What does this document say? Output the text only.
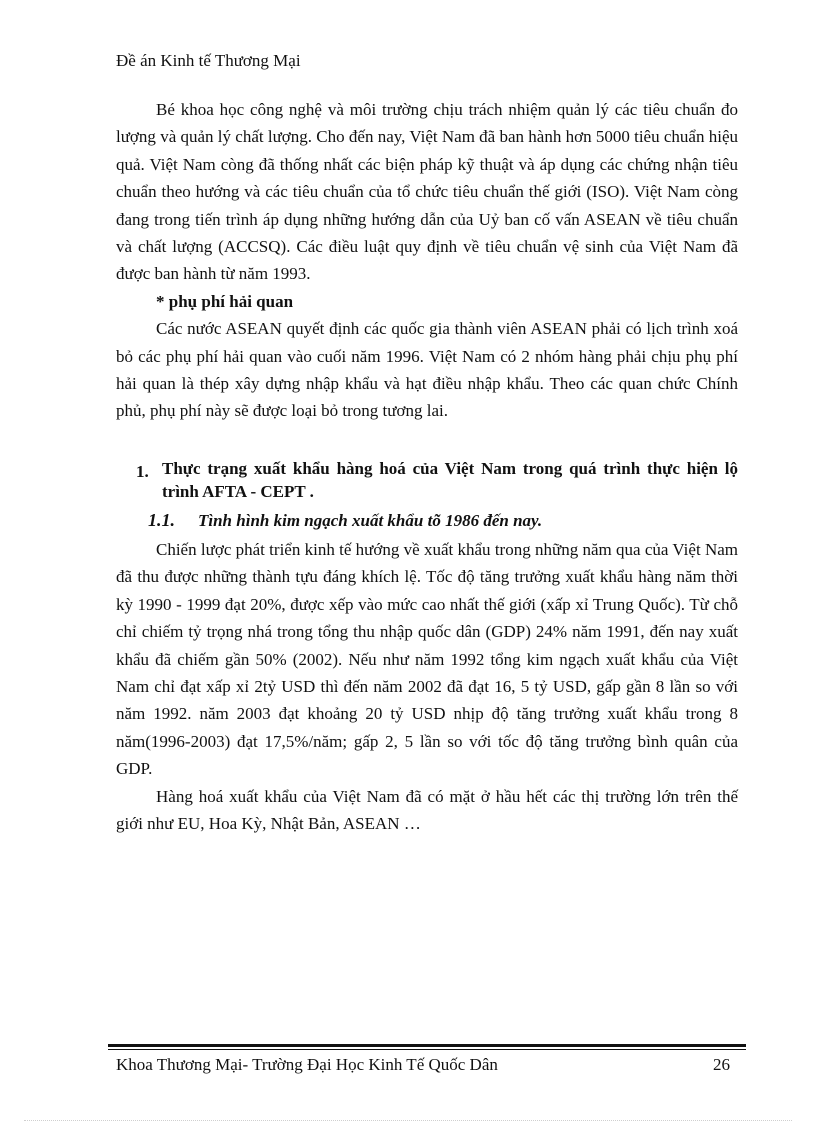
Đề án Kinh tế Thương Mại

Bé khoa học công nghệ và môi trường chịu trách nhiệm quản lý các tiêu chuẩn đo lượng và quản lý chất lượng. Cho đến nay, Việt Nam đã ban hành hơn 5000 tiêu chuẩn hiệu quả. Việt Nam còng đã thống nhất các biện pháp kỹ thuật và áp dụng các chứng nhận tiêu chuẩn theo hướng và các tiêu chuẩn của tổ chức tiêu chuẩn thế giới (ISO). Việt Nam còng đang trong tiến trình áp dụng những hướng dẫn của Uỷ ban cố vấn ASEAN về tiêu chuẩn và chất lượng (ACCSQ). Các điều luật quy định về tiêu chuẩn vệ sinh của Việt Nam đã được ban hành từ năm 1993.

* phụ phí hải quan

Các nước ASEAN quyết định các quốc gia thành viên ASEAN phải có lịch trình xoá bỏ các phụ phí hải quan vào cuối năm 1996. Việt Nam có 2 nhóm hàng phải chịu phụ phí hải quan là thép xây dựng nhập khẩu và hạt điều nhập khẩu. Theo các quan chức Chính phủ, phụ phí này sẽ được loại bỏ trong tương lai.

1. Thực trạng xuất khẩu hàng hoá của Việt Nam trong quá trình thực hiện lộ trình AFTA - CEPT .
1.1.	Tình hình kim ngạch xuất khẩu tõ 1986 đến nay.

Chiến lược phát triển kinh tế hướng về xuất khẩu trong những năm qua của Việt Nam đã thu được những thành tựu đáng khích lệ. Tốc độ tăng trưởng xuất khẩu hàng năm thời kỳ 1990 - 1999 đạt 20%, được xếp vào mức cao nhất thế giới (xấp xỉ Trung Quốc). Từ chỗ chỉ chiếm tỷ trọng nhá trong tổng thu nhập quốc dân (GDP) 24% năm 1991, đến nay xuất khẩu đã chiếm gần 50% (2002). Nếu như năm 1992 tổng kim ngạch xuất khẩu của Việt Nam chỉ đạt xấp xỉ 2tỷ USD thì đến năm 2002 đã đạt 16, 5 tỷ USD, gấp gần 8 lần so với năm 1992. năm 2003 đạt khoảng 20 tỷ USD nhịp độ tăng trưởng xuất khẩu trong 8 năm(1996-2003) đạt 17,5%/năm; gấp 2, 5 lần so với tốc độ tăng trưởng bình quân của GDP.

Hàng hoá xuất khẩu của Việt Nam đã có mặt ở hầu hết các thị trường lớn trên thế giới như EU, Hoa Kỳ, Nhật Bản, ASEAN …

Khoa Thương Mại- Trường Đại Học Kinh Tế Quốc Dân	26
